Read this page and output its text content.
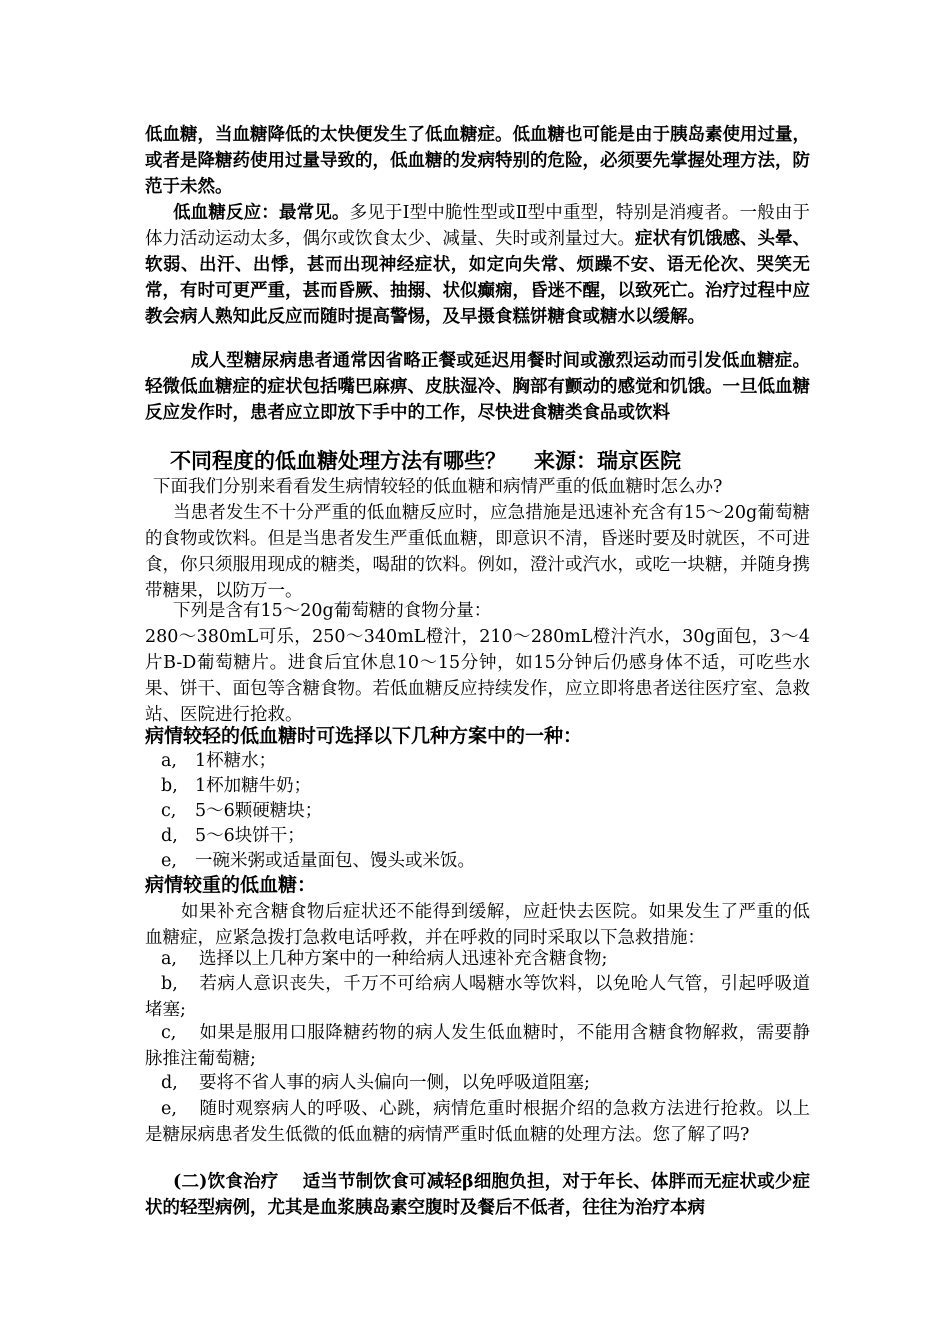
低血糖，当血糖降低的太快便发生了低血糖症。低血糖也可能是由于胰岛素使用过量，或者是降糖药使用过量导致的，低血糖的发病特别的危险，必须要先掌握处理方法，防范于未然。

低血糖反应：最常见。多见于Ⅰ型中脆性型或Ⅱ型中重型，特别是消瘦者。一般由于体力活动运动太多，偶尔或饮食太少、减量、失时或剂量过大。症状有饥饿感、头晕、软弱、出汗、出悸，甚而出现神经症状，如定向失常、烦躁不安、语无伦次、哭笑无常，有时可更严重，甚而昏厥、抽搦、状似癫痫，昏迷不醒，以致死亡。治疗过程中应教会病人熟知此反应而随时提高警惕，及早摄食糕饼糖食或糖水以缓解。

成人型糖尿病患者通常因省略正餐或延迟用餐时间或激烈运动而引发低血糖症。轻微低血糖症的症状包括嘴巴麻痹、皮肤湿冷、胸部有颤动的感觉和饥饿。一旦低血糖反应发作时，患者应立即放下手中的工作，尽快进食糖类食品或饮料

不同程度的低血糖处理方法有哪些？ 来源：瑞京医院

下面我们分别来看看发生病情较轻的低血糖和病情严重的低血糖时怎么办?

当患者发生不十分严重的低血糖反应时，应急措施是迅速补充含有15～20g葡萄糖的食物或饮料。但是当患者发生严重低血糖，即意识不清，昏迷时要及时就医，不可进食，你只须服用现成的糖类，喝甜的饮料。例如，澄汁或汽水，或吃一块糖，并随身携带糖果，以防万一。

下列是含有15～20g葡萄糖的食物分量：

280～380mL可乐，250～340mL橙汁，210～280mL橙汁汽水，30g面包，3～4片B-D葡萄糖片。进食后宜休息10～15分钟，如15分钟后仍感身体不适，可吃些水果、饼干、面包等含糖食物。若低血糖反应持续发作，应立即将患者送往医疗室、急救站、医院进行抢救。

病情较轻的低血糖时可选择以下几种方案中的一种：

a, 1杯糖水；

b, 1杯加糖牛奶；

c, 5～6颗硬糖块；

d, 5～6块饼干；

e, 一碗米粥或适量面包、馒头或米饭。

病情较重的低血糖：

如果补充含糖食物后症状还不能得到缓解，应赶快去医院。如果发生了严重的低血糖症，应紧急拨打急救电话呼救，并在呼救的同时采取以下急救措施：

a, 选择以上几种方案中的一种给病人迅速补充含糖食物;

b, 若病人意识丧失，千万不可给病人喝糖水等饮料，以免呛人气管，引起呼吸道堵塞;

c, 如果是服用口服降糖药物的病人发生低血糖时，不能用含糖食物解救，需要静脉推注葡萄糖;

d, 要将不省人事的病人头偏向一侧，以免呼吸道阻塞;

e, 随时观察病人的呼吸、心跳，病情危重时根据介绍的急救方法进行抢救。以上是糖尿病患者发生低微的低血糖的病情严重时低血糖的处理方法。您了解了吗?

(二)饮食治疗 适当节制饮食可减轻β细胞负担，对于年长、体胖而无症状或少症状的轻型病例，尤其是血浆胰岛素空腹时及餐后不低者，往往为治疗本病
